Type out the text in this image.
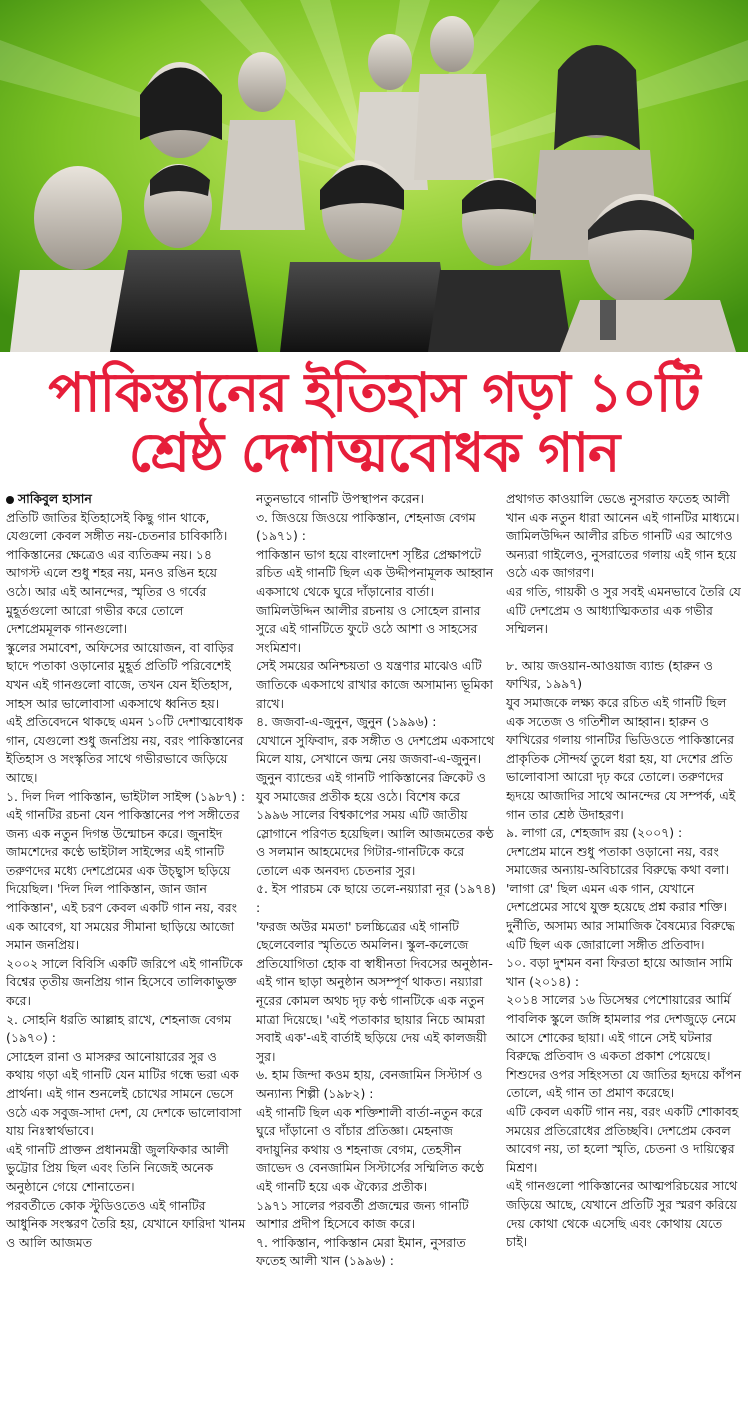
পাকিস্তানের ইতিহাস গড়া ১০টি
শ্রেষ্ঠ দেশাত্মবোধক গান

সাকিবুল হাসান

প্রতিটি জাতির ইতিহাসেই কিছু গান থাকে, যেগুলো কেবল সঙ্গীত নয়-চেতনার চাবিকাঠি। পাকিস্তানের ক্ষেত্রেও এর ব্যতিক্রম নয়। ১৪ আগস্ট এলে শুধু শহর নয়, মনও রঙিন হয়ে ওঠে। আর এই আনন্দের, স্মৃতির ও গর্বের মুহূর্তগুলো আরো গভীর করে তোলে দেশপ্রেমমূলক গানগুলো।

স্কুলের সমাবেশ, অফিসের আয়োজন, বা বাড়ির ছাদে পতাকা ওড়ানোর মুহূর্ত প্রতিটি পরিবেশেই যখন এই গানগুলো বাজে, তখন যেন ইতিহাস, সাহস আর ভালোবাসা একসাথে ধ্বনিত হয়।

এই প্রতিবেদনে থাকছে এমন ১০টি দেশাত্মবোধক গান, যেগুলো শুধু জনপ্রিয় নয়, বরং পাকিস্তানের ইতিহাস ও সংস্কৃতির সাথে গভীরভাবে জড়িয়ে আছে।

১. দিল দিল পাকিস্তান, ভাইটাল সাইন্স (১৯৮৭) :

এই গানটির রচনা যেন পাকিস্তানের পপ সঙ্গীতের জন্য এক নতুন দিগন্ত উন্মোচন করে। জুনাইদ জামশেদের কণ্ঠে ভাইটাল সাইন্সের এই গানটি তরুণদের মধ্যে দেশপ্রেমের এক উচ্ছ্বাস ছড়িয়ে দিয়েছিল। 'দিল দিল পাকিস্তান, জান জান পাকিস্তান', এই চরণ কেবল একটি গান নয়, বরং এক আবেগ, যা সময়ের সীমানা ছাড়িয়ে আজো সমান জনপ্রিয়।

২০০২ সালে বিবিসি একটি জরিপে এই গানটিকে বিশ্বের তৃতীয় জনপ্রিয় গান হিসেবে তালিকাভুক্ত করে।

২. সোহনি ধরতি আল্লাহ রাখে, শেহনাজ বেগম (১৯৭০) :

সোহেল রানা ও মাসরুর আনোয়ারের সুর ও কথায় গড়া এই গানটি যেন মাটির গন্ধে ভরা এক প্রার্থনা। এই গান শুনলেই চোখের সামনে ভেসে ওঠে এক সবুজ-সাদা দেশ, যে দেশকে ভালোবাসা যায় নিঃস্বার্থভাবে।

এই গানটি প্রাক্তন প্রধানমন্ত্রী জুলফিকার আলী ভুট্টোর প্রিয় ছিল এবং তিনি নিজেই অনেক অনুষ্ঠানে গেয়ে শোনাতেন।

পরবর্তীতে কোক স্টুডিওতেও এই গানটির আধুনিক সংস্করণ তৈরি হয়, যেখানে ফারিদা খানম ও আলি আজমত

নতুনভাবে গানটি উপস্থাপন করেন।

৩. জিওয়ে জিওয়ে পাকিস্তান, শেহনাজ বেগম (১৯৭১) :

পাকিস্তান ভাগ হয়ে বাংলাদেশ সৃষ্টির প্রেক্ষাপটে রচিত এই গানটি ছিল এক উদ্দীপনামূলক আহ্বান একসাথে থেকে ঘুরে দাঁড়ানোর বার্তা। জামিলউদ্দিন আলীর রচনায় ও সোহেল রানার সুরে এই গানটিতে ফুটে ওঠে আশা ও সাহসের সংমিশ্রণ।

সেই সময়ের অনিশ্চয়তা ও যন্ত্রণার মাঝেও এটি জাতিকে একসাথে রাখার কাজে অসামান্য ভূমিকা রাখে।

৪. জজবা-এ-জুনুন, জুনুন (১৯৯৬) :

যেখানে সুফিবাদ, রক সঙ্গীত ও দেশপ্রেম একসাথে মিলে যায়, সেখানে জন্ম নেয় জজবা-এ-জুনুন। জুনুন ব্যান্ডের এই গানটি পাকিস্তানের ক্রিকেট ও যুব সমাজের প্রতীক হয়ে ওঠে। বিশেষ করে ১৯৯৬ সালের বিশ্বকাপের সময় এটি জাতীয় স্লোগানে পরিণত হয়েছিল। আলি আজমতের কণ্ঠ ও সলমান আহমেদের গিটার-গানটিকে করে তোলে এক অনবদ্য চেতনার সুর।

৫. ইস পারচম কে ছায়ে তলে-নয়্যারা নূর (১৯৭৪) :

'ফরজ অউর মমতা' চলচ্চিত্রের এই গানটি ছেলেবেলার স্মৃতিতে অমলিন। স্কুল-কলেজে প্রতিযোগিতা হোক বা স্বাধীনতা দিবসের অনুষ্ঠান- এই গান ছাড়া অনুষ্ঠান অসম্পূর্ণ থাকত। নয়্যারা নূরের কোমল অথচ দৃঢ় কণ্ঠ গানটিকে এক নতুন মাত্রা দিয়েছে। 'এই পতাকার ছায়ার নিচে আমরা সবাই এক'-এই বার্তাই ছড়িয়ে দেয় এই কালজয়ী সুর।

৬. হাম জিন্দা কওম হায়, বেনজামিন সিস্টার্স ও অন্যান্য শিল্পী (১৯৮২) :

এই গানটি ছিল এক শক্তিশালী বার্তা-নতুন করে ঘুরে দাঁড়ানো ও বাঁচার প্রতিজ্ঞা। মেহনাজ বদায়ুনির কথায় ও শহনাজ বেগম, তেহসীন জাভেদ ও বেনজামিন সিস্টার্সের সম্মিলিত কণ্ঠে এই গানটি হয়ে এক ঐক্যের প্রতীক।

১৯৭১ সালের পরবর্তী প্রজন্মের জন্য গানটি আশার প্রদীপ হিসেবে কাজ করে।

৭. পাকিস্তান, পাকিস্তান মেরা ইমান, নুসরাত ফতেহ আলী খান (১৯৯৬) :

প্রথাগত কাওয়ালি ভেঙে নুসরাত ফতেহ আলী খান এক নতুন ধারা আনেন এই গানটির মাধ্যমে। জামিলউদ্দিন আলীর রচিত গানটি এর আগেও অন্যরা গাইলেও, নুসরাতের গলায় এই গান হয়ে ওঠে এক জাগরণ।

এর গতি, গায়কী ও সুর সবই এমনভাবে তৈরি যে এটি দেশপ্রেম ও আধ্যাত্মিকতার এক গভীর সম্মিলন।

৮. আয় জওয়ান-আওয়াজ ব্যান্ড (হারুন ও ফাখির, ১৯৯৭)

যুব সমাজকে লক্ষ্য করে রচিত এই গানটি ছিল এক সতেজ ও গতিশীল আহ্বান। হারুন ও ফাখিরের গলায় গানটির ভিডিওতে পাকিস্তানের প্রাকৃতিক সৌন্দর্য তুলে ধরা হয়, যা দেশের প্রতি ভালোবাসা আরো দৃঢ় করে তোলে। তরুণদের হৃদয়ে আজাদির সাথে আনন্দের যে সম্পর্ক, এই গান তার শ্রেষ্ঠ উদাহরণ।

৯. লাগা রে, শেহজাদ রয় (২০০৭) :

দেশপ্রেম মানে শুধু পতাকা ওড়ানো নয়, বরং সমাজের অন্যায়-অবিচারের বিরুদ্ধে কথা বলা। 'লাগা রে' ছিল এমন এক গান, যেখানে দেশপ্রেমের সাথে যুক্ত হয়েছে প্রশ্ন করার শক্তি। দুর্নীতি, অসাম্য আর সামাজিক বৈষম্যের বিরুদ্ধে এটি ছিল এক জোরালো সঙ্গীত প্রতিবাদ।

১০. বড়া দুশমন বনা ফিরতা হায়ে আজান সামি খান (২০১৪) :

২০১৪ সালের ১৬ ডিসেম্বর পেশোয়ারের আর্মি পাবলিক স্কুলে জঙ্গি হামলার পর দেশজুড়ে নেমে আসে শোকের ছায়া। এই গানে সেই ঘটনার বিরুদ্ধে প্রতিবাদ ও একতা প্রকাশ পেয়েছে।

শিশুদের ওপর সহিংসতা যে জাতির হৃদয়ে কাঁপন তোলে, এই গান তা প্রমাণ করেছে।

এটি কেবল একটি গান নয়, বরং একটি শোকাবহ সময়ের প্রতিরোধের প্রতিচ্ছবি। দেশপ্রেম কেবল আবেগ নয়, তা হলো স্মৃতি, চেতনা ও দায়িত্বের মিশ্রণ।

এই গানগুলো পাকিস্তানের আত্মপরিচয়ের সাথে জড়িয়ে আছে, যেখানে প্রতিটি সুর স্মরণ করিয়ে দেয় কোথা থেকে এসেছি এবং কোথায় যেতে চাই।
